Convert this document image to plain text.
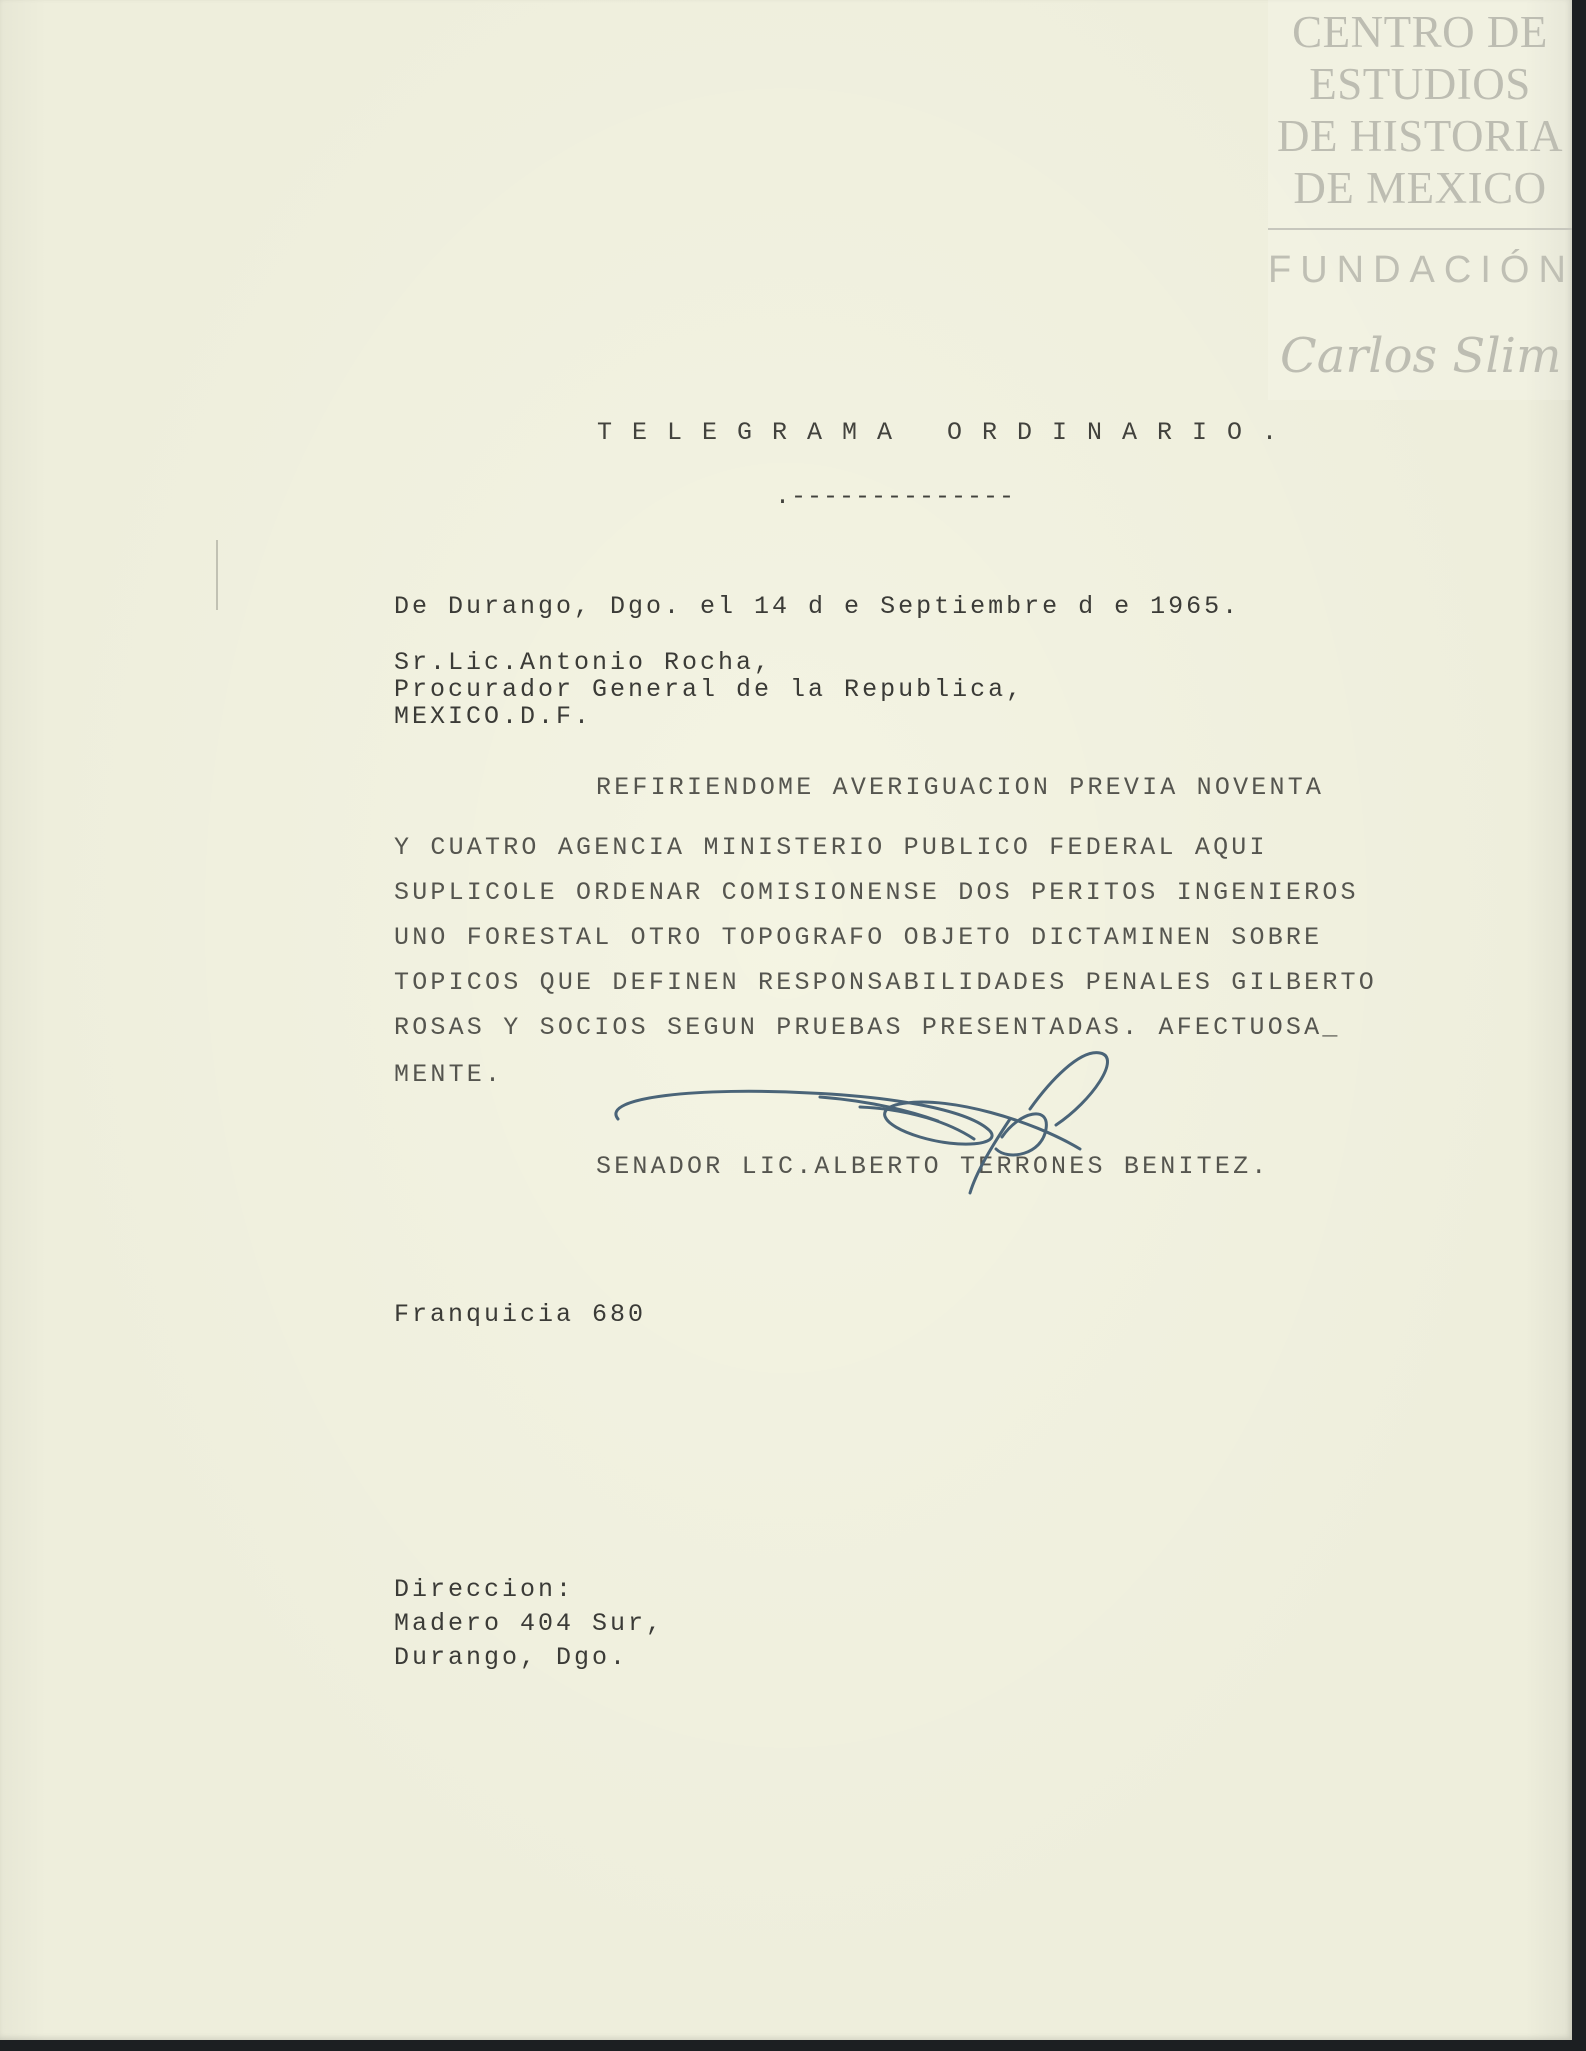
CENTRO DE
ESTUDIOS
DE HISTORIA
DE MEXICO
FUNDACIÓN
Carlos Slim
TELEGRAMA ORDINARIO.
.--------------
De Durango, Dgo. el 14 d e Septiembre d e 1965.
Sr.Lic.Antonio Rocha,
Procurador General de la Republica,
MEXICO.D.F.
REFIRIENDOME AVERIGUACION PREVIA NOVENTA
Y CUATRO AGENCIA MINISTERIO PUBLICO FEDERAL AQUI
SUPLICOLE ORDENAR COMISIONENSE DOS PERITOS INGENIEROS
UNO FORESTAL OTRO TOPOGRAFO OBJETO DICTAMINEN SOBRE
TOPICOS QUE DEFINEN RESPONSABILIDADES PENALES GILBERTO
ROSAS Y SOCIOS SEGUN PRUEBAS PRESENTADAS. AFECTUOSA_
MENTE.
SENADOR LIC.ALBERTO TERRONES BENITEZ.
Franquicia 680
Direccion:
Madero 404 Sur,
Durango, Dgo.
